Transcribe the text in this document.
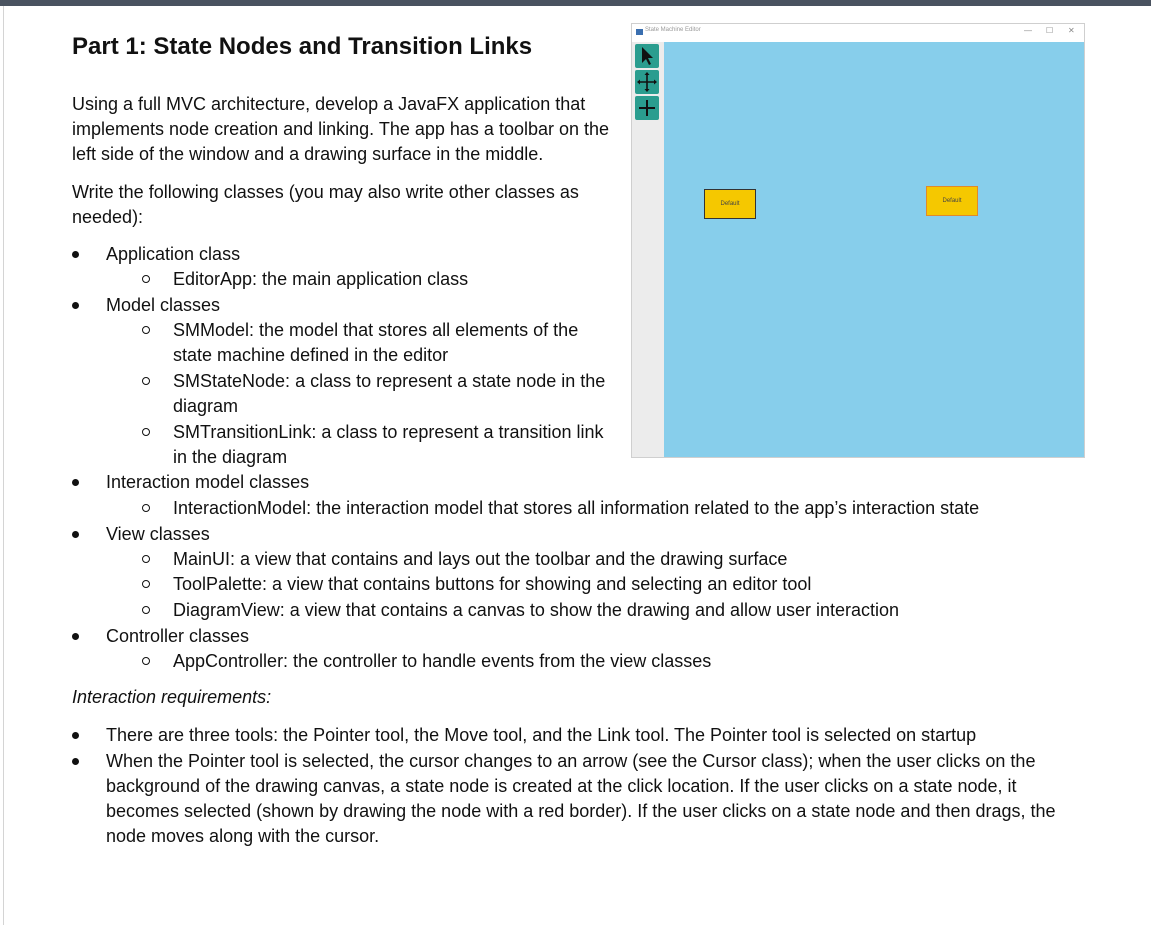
Part 1: State Nodes and Transition Links

Using a full MVC architecture, develop a JavaFX application that implements node creation and linking. The app has a toolbar on the left side of the window and a drawing surface in the middle.

Write the following classes (you may also write other classes as needed):

Application class
EditorApp: the main application class
Model classes
SMModel: the model that stores all elements of the state machine defined in the editor
SMStateNode: a class to represent a state node in the diagram
SMTransitionLink: a class to represent a transition link in the diagram
Interaction model classes
InteractionModel: the interaction model that stores all information related to the app’s interaction state
View classes
MainUI: a view that contains and lays out the toolbar and the drawing surface
ToolPalette: a view that contains buttons for showing and selecting an editor tool
DiagramView: a view that contains a canvas to show the drawing and allow user interaction
Controller classes
AppController: the controller to handle events from the view classes
Interaction requirements:
There are three tools: the Pointer tool, the Move tool, and the Link tool. The Pointer tool is selected on startup
When the Pointer tool is selected, the cursor changes to an arrow (see the Cursor class); when the user clicks on the background of the drawing canvas, a state node is created at the click location. If the user clicks on a state node, it becomes selected (shown by drawing the node with a red border). If the user clicks on a state node and then drags, the node moves along with the cursor.
State Machine Editor	— ☐ ✕
Default	Default
